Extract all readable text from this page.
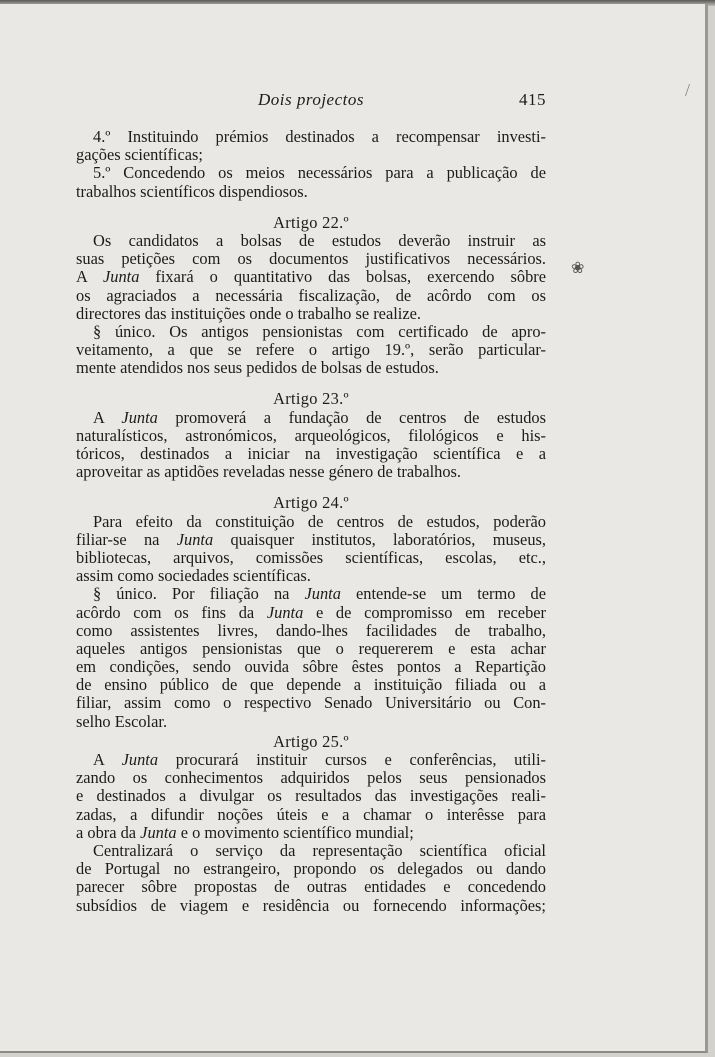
Dois projectos	415
4.º Instituindo prémios destinados a recompensar investi-
gações scientíficas;
5.º Concedendo os meios necessários para a publicação de
trabalhos scientíficos dispendiosos.
Artigo 22.º
Os candidatos a bolsas de estudos deverão instruir as
suas petições com os documentos justificativos necessários.
A Junta fixará o quantitativo das bolsas, exercendo sôbre
os agraciados a necessária fiscalização, de acôrdo com os
directores das instituições onde o trabalho se realize.
§ único. Os antigos pensionistas com certificado de apro-
veitamento, a que se refere o artigo 19.º, serão particular-
mente atendidos nos seus pedidos de bolsas de estudos.
Artigo 23.º
A Junta promoverá a fundação de centros de estudos
naturalísticos, astronómicos, arqueológicos, filológicos e his-
tóricos, destinados a iniciar na investigação scientífica e a
aproveitar as aptidões reveladas nesse género de trabalhos.
Artigo 24.º
Para efeito da constituição de centros de estudos, poderão
filiar-se na Junta quaisquer institutos, laboratórios, museus,
bibliotecas, arquivos, comissões scientíficas, escolas, etc.,
assim como sociedades scientíficas.
§ único. Por filiação na Junta entende-se um termo de
acôrdo com os fins da Junta e de compromisso em receber
como assistentes livres, dando-lhes facilidades de trabalho,
aqueles antigos pensionistas que o requererem e esta achar
em condições, sendo ouvida sôbre êstes pontos a Repartição
de ensino público de que depende a instituição filiada ou a
filiar, assim como o respectivo Senado Universitário ou Con-
selho Escolar.
Artigo 25.º
A Junta procurará instituir cursos e conferências, utili-
zando os conhecimentos adquiridos pelos seus pensionados
e destinados a divulgar os resultados das investigações reali-
zadas, a difundir noções úteis e a chamar o interêsse para
a obra da Junta e o movimento scientífico mundial;
Centralizará o serviço da representação scientífica oficial
de Portugal no estrangeiro, propondo os delegados ou dando
parecer sôbre propostas de outras entidades e concedendo
subsídios de viagem e residência ou fornecendo informações;
❀
/
